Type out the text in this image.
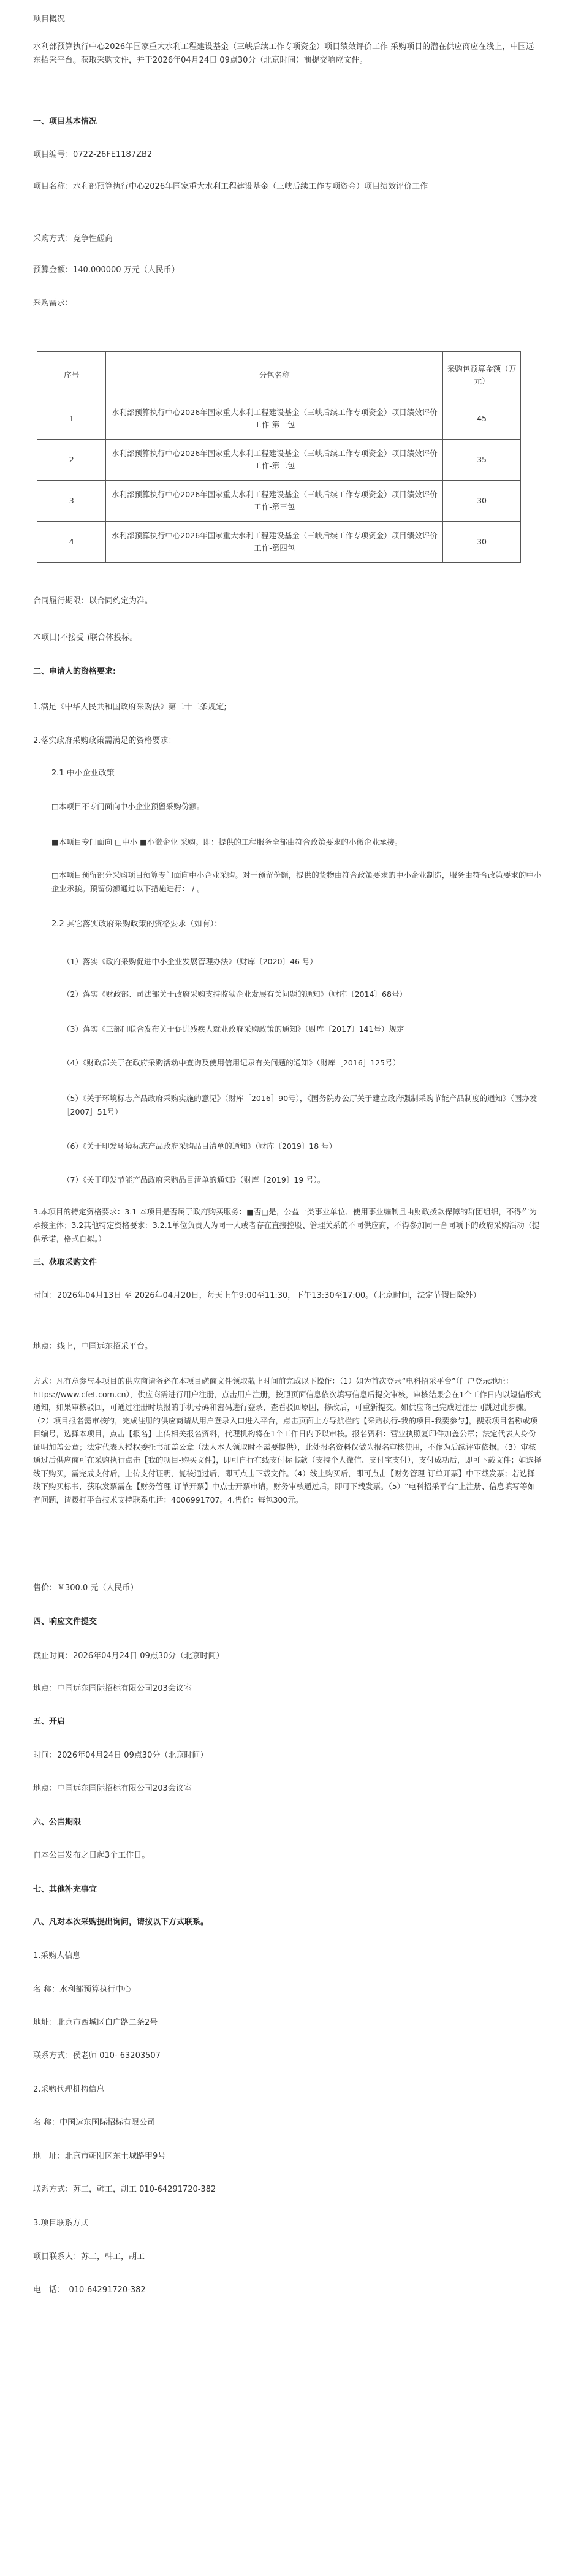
项目概况

水利部预算执行中心2026年国家重大水利工程建设基金（三峡后续工作专项资金）项目绩效评价工作 采购项目的潜在供应商应在线上，中国远东招采平台。获取采购文件，并于2026年04月24日 09点30分（北京时间）前提交响应文件。

一、项目基本情况

项目编号：0722-26FE1187ZB2

项目名称：水利部预算执行中心2026年国家重大水利工程建设基金（三峡后续工作专项资金）项目绩效评价工作

采购方式：竞争性磋商

预算金额：140.000000 万元（人民币）

采购需求：

序号	分包名称	采购包预算金额（万元）
1	水利部预算执行中心2026年国家重大水利工程建设基金（三峡后续工作专项资金）项目绩效评价工作-第一包	45
2	水利部预算执行中心2026年国家重大水利工程建设基金（三峡后续工作专项资金）项目绩效评价工作-第二包	35
3	水利部预算执行中心2026年国家重大水利工程建设基金（三峡后续工作专项资金）项目绩效评价工作-第三包	30
4	水利部预算执行中心2026年国家重大水利工程建设基金（三峡后续工作专项资金）项目绩效评价工作-第四包	30

合同履行期限：以合同约定为准。

本项目(不接受 )联合体投标。

二、申请人的资格要求:

1.满足《中华人民共和国政府采购法》第二十二条规定;

2.落实政府采购政策需满足的资格要求：

2.1 中小企业政策

□本项目不专门面向中小企业预留采购份额。

■本项目专门面向 □中小 ■小微企业 采购。即：提供的工程服务全部由符合政策要求的小微企业承接。

□本项目预留部分采购项目预算专门面向中小企业采购。对于预留份额，提供的货物由符合政策要求的中小企业制造，服务由符合政策要求的中小企业承接。预留份额通过以下措施进行： / 。

2.2 其它落实政府采购政策的资格要求（如有）：

（1）落实《政府采购促进中小企业发展管理办法》（财库〔2020〕46 号）

（2）落实《财政部、司法部关于政府采购支持监狱企业发展有关问题的通知》（财库〔2014〕68号）

（3）落实《三部门联合发布关于促进残疾人就业政府采购政策的通知》（财库〔2017〕141号）规定

（4）《财政部关于在政府采购活动中查询及使用信用记录有关问题的通知》（财库［2016］125号）

（5）《关于环境标志产品政府采购实施的意见》（财库［2016］90号），《国务院办公厅关于建立政府强制采购节能产品制度的通知》（国办发［2007］51号）

（6）《关于印发环境标志产品政府采购品目清单的通知》（财库〔2019〕18 号）

（7）《关于印发节能产品政府采购品目清单的通知》（财库〔2019〕19 号）。

3.本项目的特定资格要求：3.1 本项目是否属于政府购买服务：■否□是，公益一类事业单位、使用事业编制且由财政拨款保障的群团组织，不得作为承接主体；3.2其他特定资格要求：3.2.1单位负责人为同一人或者存在直接控股、管理关系的不同供应商，不得参加同一合同项下的政府采购活动（提供承诺，格式自拟。）

三、获取采购文件

时间：2026年04月13日 至 2026年04月20日，每天上午9:00至11:30，下午13:30至17:00。（北京时间，法定节假日除外）

地点：线上，中国远东招采平台。

方式：凡有意参与本项目的供应商请务必在本项目磋商文件领取截止时间前完成以下操作：（1）如为首次登录“电科招采平台”（门户登录地址：https://www.cfet.com.cn），供应商需进行用户注册，点击用户注册，按照页面信息依次填写信息后提交审核，审核结果会在1个工作日内以短信形式通知，如果审核驳回，可通过注册时填报的手机号码和密码进行登录，查看驳回原因，修改后，可重新提交。如供应商已完成过注册可跳过此步骤。（2）项目报名需审核的，完成注册的供应商请从用户登录入口进入平台，点击页面上方导航栏的【采购执行-我的项目-我要参与】，搜索项目名称或项目编号，选择本项目，点击【报名】上传相关报名资料，代理机构将在1个工作日内予以审核。报名资料：营业执照复印件加盖公章；法定代表人身份证明加盖公章；法定代表人授权委托书加盖公章（法人本人领取时不需要提供），此处报名资料仅做为报名审核使用，不作为后续评审依据。（3）审核通过后供应商可在采购执行点击【我的项目-购买文件】，即可自行在线支付标书款（支持个人微信、支付宝支付），支付成功后，即可下载文件；如选择线下购买，需完成支付后，上传支付证明，复核通过后，即可点击下载文件。（4）线上购买后，即可点击【财务管理-订单开票】中下载发票；若选择线下购买标书，获取发票需在【财务管理-订单开票】中点击开票申请，财务审核通过后，即可下载发票。（5）“电科招采平台”上注册、信息填写等如有问题，请拨打平台技术支持联系电话：4006991707。4.售价：每包300元。

售价：￥300.0 元（人民币）

四、响应文件提交

截止时间：2026年04月24日 09点30分（北京时间）

地点：中国远东国际招标有限公司203会议室

五、开启

时间：2026年04月24日 09点30分（北京时间）

地点：中国远东国际招标有限公司203会议室

六、公告期限

自本公告发布之日起3个工作日。

七、其他补充事宜

八、凡对本次采购提出询问，请按以下方式联系。

1.采购人信息

名 称：水利部预算执行中心

地址：北京市西城区白广路二条2号

联系方式：侯老师 010- 63203507

2.采购代理机构信息

名 称：中国远东国际招标有限公司

地　址：北京市朝阳区东土城路甲9号

联系方式：苏工，韩工，胡工 010-64291720-382

3.项目联系方式

项目联系人：苏工，韩工，胡工

电　话：　010-64291720-382
